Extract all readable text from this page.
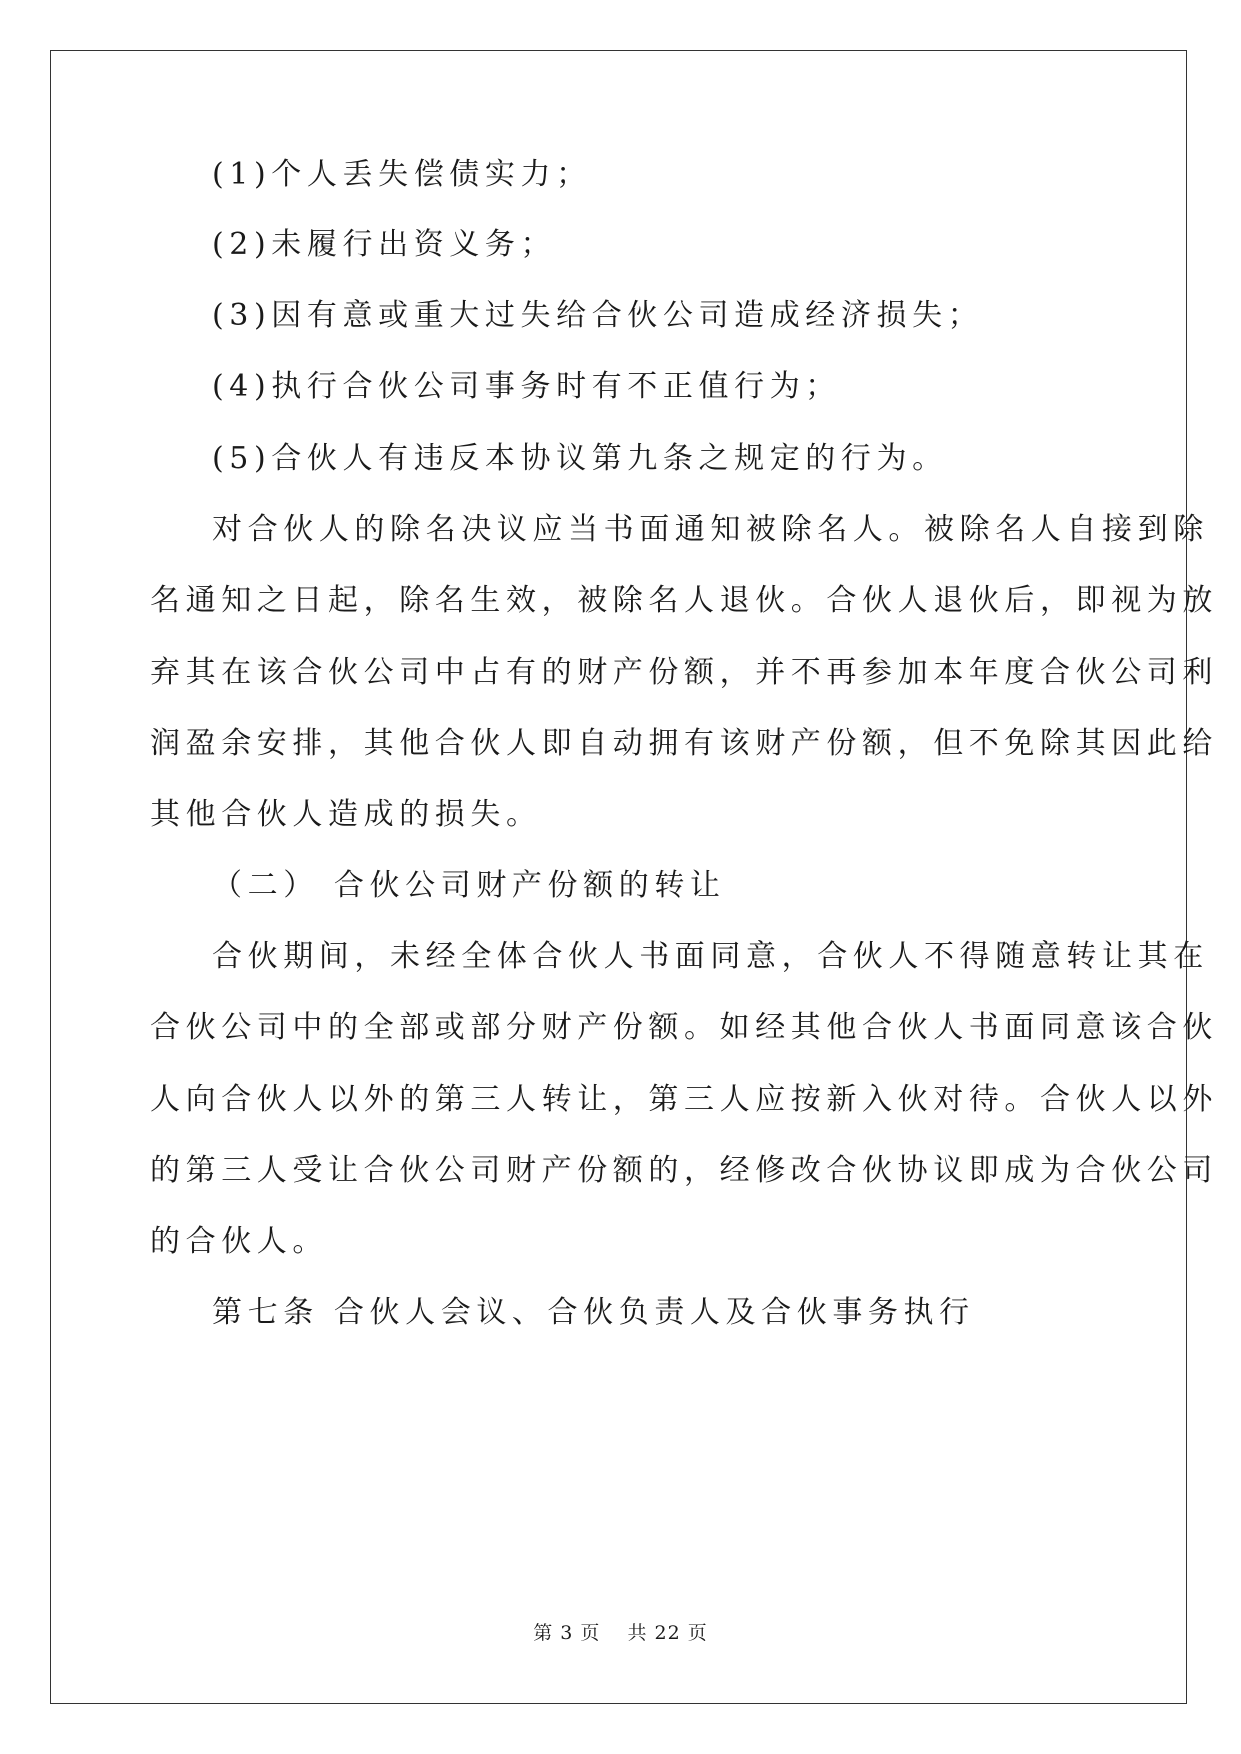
(1)个人丢失偿债实力；
(2)未履行出资义务；
(3)因有意或重大过失给合伙公司造成经济损失；
(4)执行合伙公司事务时有不正值行为；
(5)合伙人有违反本协议第九条之规定的行为。
对合伙人的除名决议应当书面通知被除名人。被除名人自接到除
名通知之日起，除名生效，被除名人退伙。合伙人退伙后，即视为放
弃其在该合伙公司中占有的财产份额，并不再参加本年度合伙公司利
润盈余安排，其他合伙人即自动拥有该财产份额，但不免除其因此给
其他合伙人造成的损失。
（二） 合伙公司财产份额的转让
合伙期间，未经全体合伙人书面同意，合伙人不得随意转让其在
合伙公司中的全部或部分财产份额。如经其他合伙人书面同意该合伙
人向合伙人以外的第三人转让，第三人应按新入伙对待。合伙人以外
的第三人受让合伙公司财产份额的，经修改合伙协议即成为合伙公司
的合伙人。
第七条 合伙人会议、合伙负责人及合伙事务执行
第 3 页　 共 22 页
